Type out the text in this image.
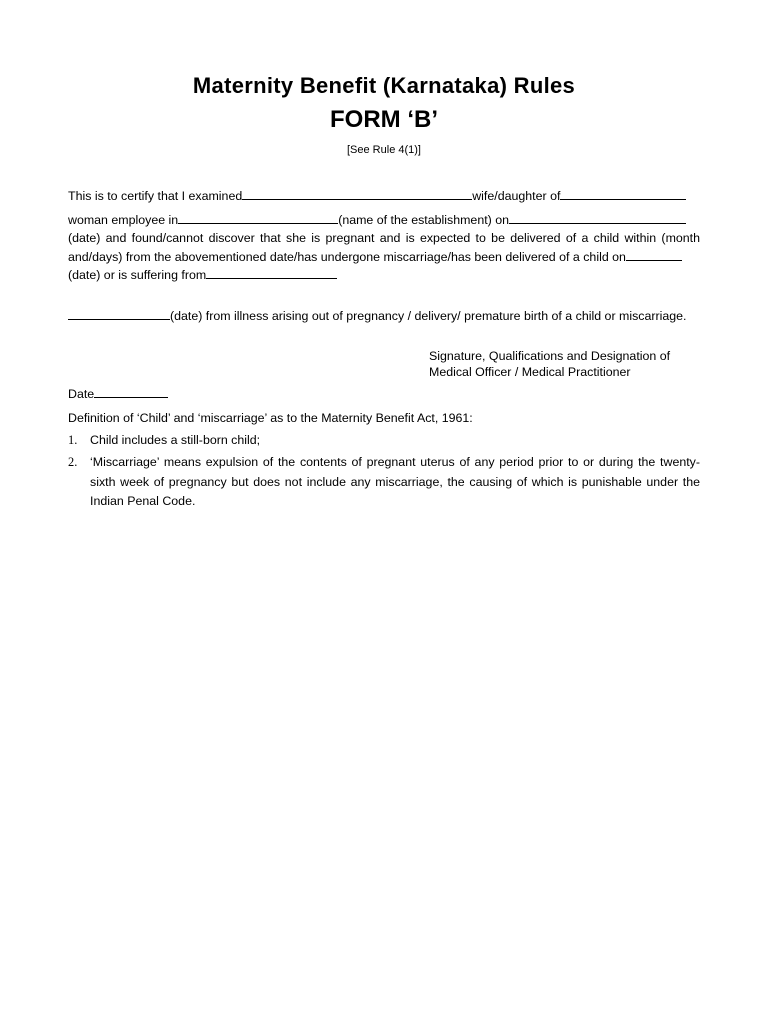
Maternity Benefit (Karnataka) Rules
FORM ‘B’
[See Rule 4(1)]
This is to certify that I examined	wife/daughter of
woman employee in	(name of the establishment) on
(date) and found/cannot discover that she is pregnant and is expected to be delivered of a child within (month
and/days) from the abovementioned date/has undergone miscarriage/has been delivered of a child on
(date) or is suffering from
(date) from illness arising out of pregnancy / delivery/ premature birth of a child or miscarriage.
Signature, Qualifications and Designation of
Medical Officer / Medical Practitioner
Date
Definition of ‘Child’ and ‘miscarriage’ as to the Maternity Benefit Act, 1961:
1. Child includes a still-born child;
2. ‘Miscarriage’ means expulsion of the contents of pregnant uterus of any period prior to or during the twenty-sixth week of pregnancy but does not include any miscarriage, the causing of which is punishable under the Indian Penal Code.
